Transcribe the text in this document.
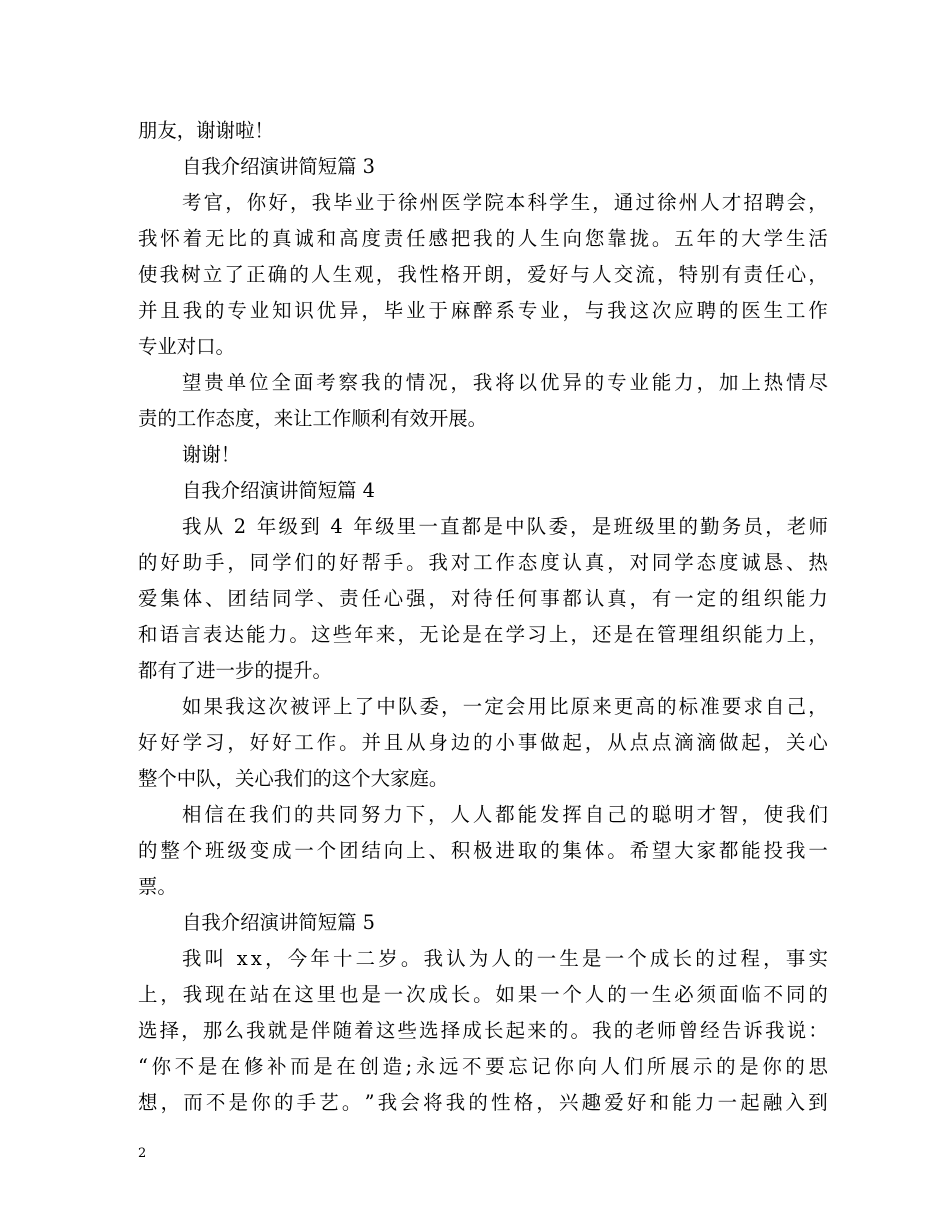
朋友，谢谢啦！
自我介绍演讲简短篇 3
考 官 ， 你 好 ， 我 毕 业 于 徐 州 医 学 院 本 科 学 生 ， 通 过 徐 州 人 才 招 聘 会 ，
我 怀 着 无 比 的 真 诚 和 高 度 责 任 感 把 我 的 人 生 向 您 靠 拢 。 五 年 的 大 学 生 活
使 我 树 立 了 正 确 的 人 生 观 ， 我 性 格 开 朗 ， 爱 好 与 人 交 流 ， 特 别 有 责 任 心 ，
并 且 我 的 专 业 知 识 优 异 ， 毕 业 于 麻 醉 系 专 业 ， 与 我 这 次 应 聘 的 医 生 工 作
专业对口。
望 贵 单 位 全 面 考 察 我 的 情 况 ， 我 将 以 优 异 的 专 业 能 力 ， 加 上 热 情 尽
责的工作态度，来让工作顺利有效开展。
谢谢！
自我介绍演讲简短篇 4
我 从
2
年 级 到
4
年 级 里 一 直 都 是 中 队 委 ， 是 班 级 里 的 勤 务 员 ， 老 师
的 好 助 手 ， 同 学 们 的 好 帮 手 。 我 对 工 作 态 度 认 真 ， 对 同 学 态 度 诚 恳 、 热
爱 集 体 、 团 结 同 学 、 责 任 心 强 ， 对 待 任 何 事 都 认 真 ， 有 一 定 的 组 织 能 力
和 语 言 表 达 能 力 。 这 些 年 来 ， 无 论 是 在 学 习 上 ， 还 是 在 管 理 组 织 能 力 上 ，
都有了进一步的提升。
如 果 我 这 次 被 评 上 了 中 队 委 ， 一 定 会 用 比 原 来 更 高 的 标 准 要 求 自 己 ，
好 好 学 习 ， 好 好 工 作 。 并 且 从 身 边 的 小 事 做 起 ， 从 点 点 滴 滴 做 起 ， 关 心
整个中队，关心我们的这个大家庭。
相 信 在 我 们 的 共 同 努 力 下 ， 人 人 都 能 发 挥 自 己 的 聪 明 才 智 ， 使 我 们
的 整 个 班 级 变 成 一 个 团 结 向 上 、 积 极 进 取 的 集 体 。 希 望 大 家 都 能 投 我 一
票。
自我介绍演讲简短篇 5
我 叫
x x ， 今 年 十 二 岁 。 我 认 为 人 的 一 生 是 一 个 成 长 的 过 程 ， 事 实
上 ， 我 现 在 站 在 这 里 也 是 一 次 成 长 。 如 果 一 个 人 的 一 生 必 须 面 临 不 同 的
选 择 ， 那 么 我 就 是 伴 随 着 这 些 选 择 成 长 起 来 的 。 我 的 老 师 曾 经 告 诉 我 说 ：
“ 你 不 是 在 修 补 而 是 在 创 造 ; 永 远 不 要 忘 记 你 向 人 们 所 展 示 的 是 你 的 思
想 ， 而 不 是 你 的 手 艺 。 ” 我 会 将 我 的 性 格 ， 兴 趣 爱 好 和 能 力 一 起 融 入 到
2
